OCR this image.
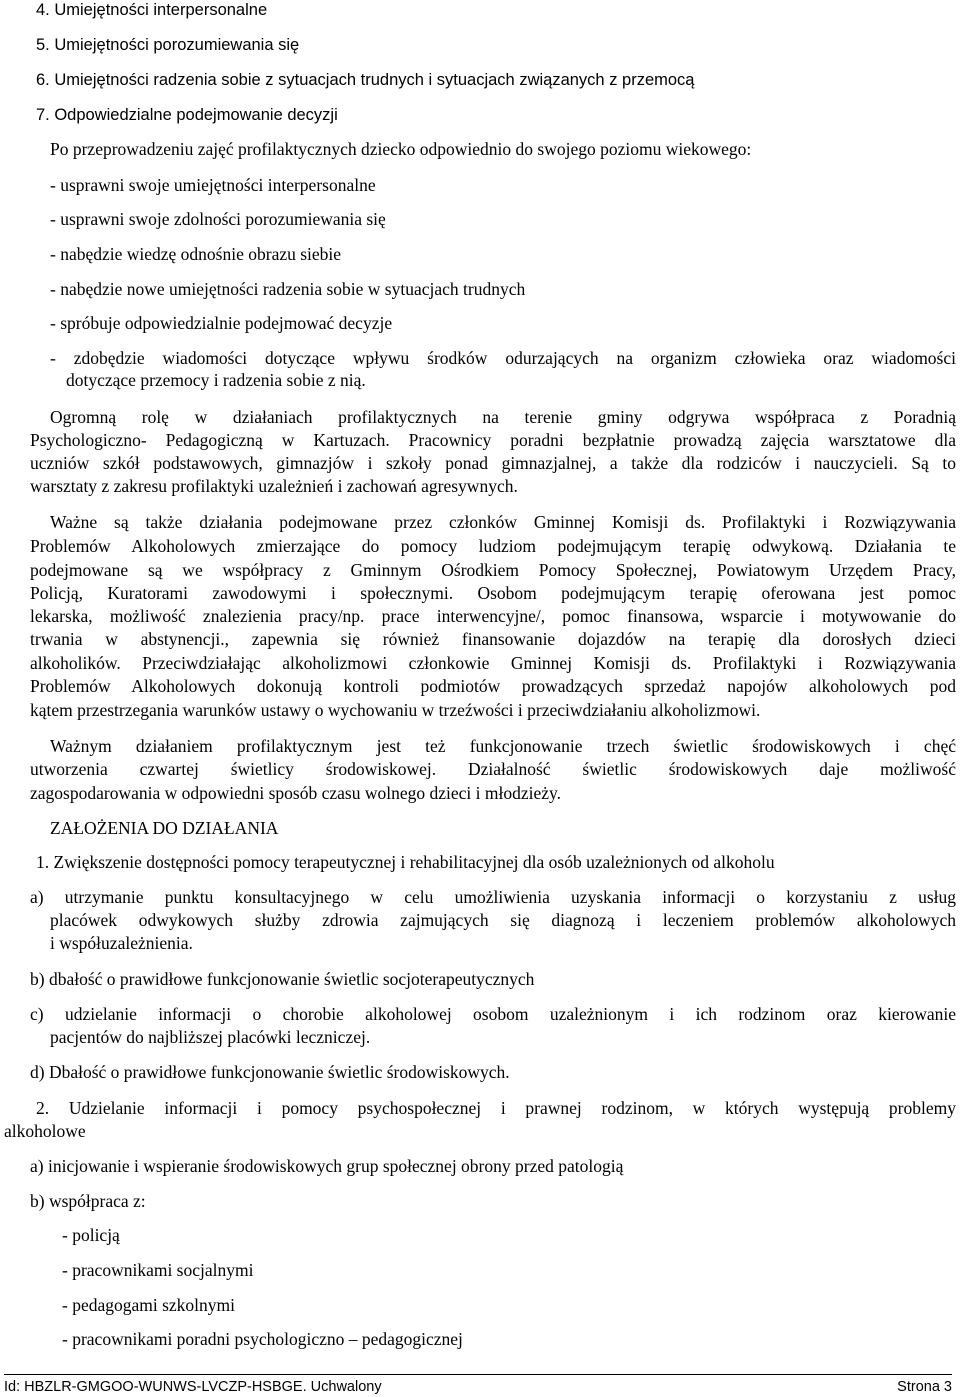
4. Umiejętności interpersonalne
5. Umiejętności porozumiewania się
6. Umiejętności radzenia sobie z sytuacjach trudnych i sytuacjach związanych z przemocą
7. Odpowiedzialne podejmowanie decyzji
Po przeprowadzeniu zajęć profilaktycznych dziecko odpowiednio do swojego poziomu wiekowego:
- usprawni swoje umiejętności interpersonalne
- usprawni swoje zdolności porozumiewania się
- nabędzie wiedzę odnośnie obrazu siebie
- nabędzie nowe umiejętności radzenia sobie w sytuacjach trudnych
- spróbuje odpowiedzialnie podejmować decyzje
- zdobędzie wiadomości dotyczące wpływu środków odurzających na organizm człowieka oraz wiadomości
dotyczące przemocy i radzenia sobie z nią.
Ogromną rolę w działaniach profilaktycznych na terenie gminy odgrywa współpraca z Poradnią
Psychologiczno- Pedagogiczną w Kartuzach. Pracownicy poradni bezpłatnie prowadzą zajęcia warsztatowe dla
uczniów szkół podstawowych, gimnazjów i szkoły ponad gimnazjalnej, a także dla rodziców i nauczycieli. Są to
warsztaty z zakresu profilaktyki uzależnień i zachowań agresywnych.
Ważne są także działania podejmowane przez członków Gminnej Komisji ds. Profilaktyki i Rozwiązywania
Problemów Alkoholowych zmierzające do pomocy ludziom podejmującym terapię odwykową. Działania te
podejmowane są we współpracy z Gminnym Ośrodkiem Pomocy Społecznej, Powiatowym Urzędem Pracy,
Policją, Kuratorami zawodowymi i społecznymi. Osobom podejmującym terapię oferowana jest pomoc
lekarska, możliwość znalezienia pracy/np. prace interwencyjne/, pomoc finansowa, wsparcie i motywowanie do
trwania w abstynencji., zapewnia się również finansowanie dojazdów na terapię dla dorosłych dzieci
alkoholików. Przeciwdziałając alkoholizmowi członkowie Gminnej Komisji ds. Profilaktyki i Rozwiązywania
Problemów Alkoholowych dokonują kontroli podmiotów prowadzących sprzedaż napojów alkoholowych pod
kątem przestrzegania warunków ustawy o wychowaniu w trzeźwości i przeciwdziałaniu alkoholizmowi.
Ważnym działaniem profilaktycznym jest też funkcjonowanie trzech świetlic środowiskowych i chęć
utworzenia czwartej świetlicy środowiskowej. Działalność świetlic środowiskowych daje możliwość
zagospodarowania w odpowiedni sposób czasu wolnego dzieci i młodzieży.
ZAŁOŻENIA DO DZIAŁANIA
1. Zwiększenie dostępności pomocy terapeutycznej i rehabilitacyjnej dla osób uzależnionych od alkoholu
a) utrzymanie punktu konsultacyjnego w celu umożliwienia uzyskania informacji o korzystaniu z usług
placówek odwykowych służby zdrowia zajmujących się diagnozą i leczeniem problemów alkoholowych
i współuzależnienia.
b) dbałość o prawidłowe funkcjonowanie świetlic socjoterapeutycznych
c) udzielanie informacji o chorobie alkoholowej osobom uzależnionym i ich rodzinom oraz kierowanie
pacjentów do najbliższej placówki leczniczej.
d) Dbałość o prawidłowe funkcjonowanie świetlic środowiskowych.
2. Udzielanie informacji i pomocy psychospołecznej i prawnej rodzinom, w których występują problemy
alkoholowe
a) inicjowanie i wspieranie środowiskowych grup społecznej obrony przed patologią
b) współpraca z:
- policją
- pracownikami socjalnymi
- pedagogami szkolnymi
- pracownikami poradni psychologiczno – pedagogicznej
Id: HBZLR-GMGOO-WUNWS-LVCZP-HSBGE. Uchwalony	Strona 3
